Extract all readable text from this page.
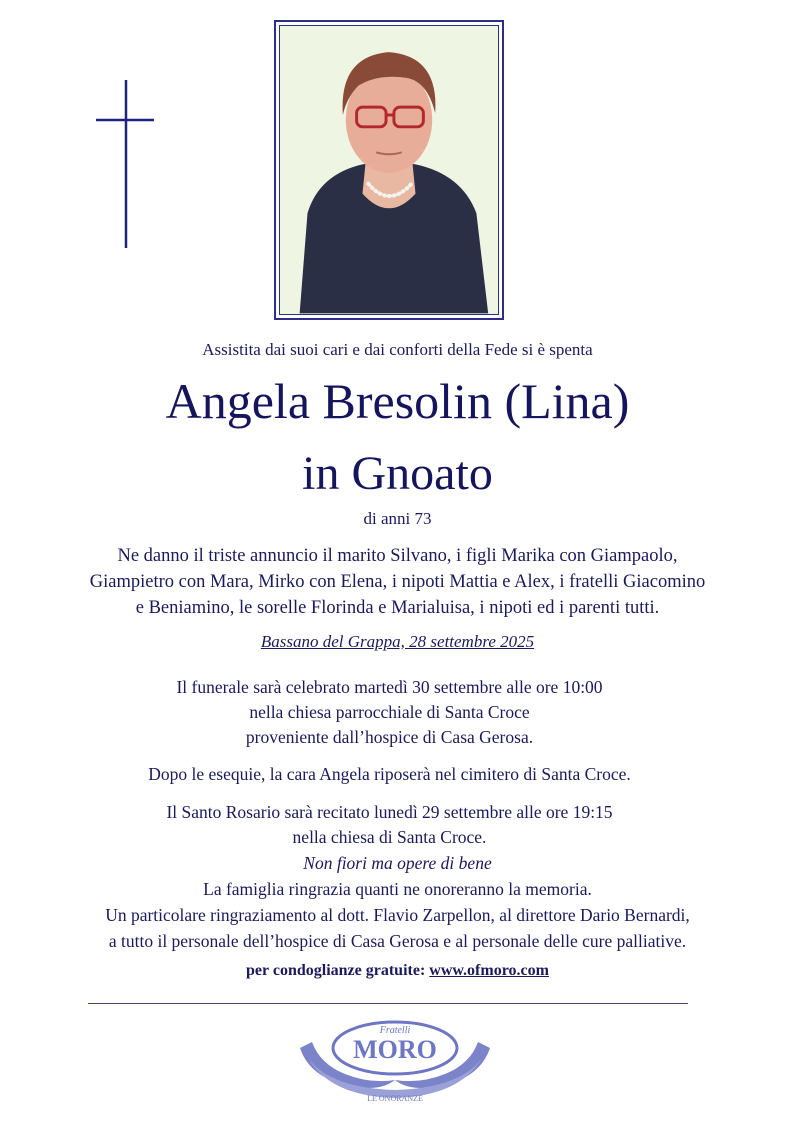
Assistita dai suoi cari e dai conforti della Fede si è spenta
Angela Bresolin (Lina)
in Gnoato
di anni 73
Ne danno il triste annuncio il marito Silvano, i figli Marika con Giampaolo,
Giampietro con Mara, Mirko con Elena, i nipoti Mattia e Alex, i fratelli Giacomino
e Beniamino, le sorelle Florinda e Marialuisa, i nipoti ed i parenti tutti.
Bassano del Grappa, 28 settembre 2025
Il funerale sarà celebrato martedì 30 settembre alle ore 10:00
nella chiesa parrocchiale di Santa Croce
proveniente dall’hospice di Casa Gerosa.
Dopo le esequie, la cara Angela riposerà nel cimitero di Santa Croce.
Il Santo Rosario sarà recitato lunedì 29 settembre alle ore 19:15
nella chiesa di Santa Croce.
Non fiori ma opere di bene
La famiglia ringrazia quanti ne onoreranno la memoria.
Un particolare ringraziamento al dott. Flavio Zarpellon, al direttore Dario Bernardi,
a tutto il personale dell’hospice di Casa Gerosa e al personale delle cure palliative.
per condoglianze gratuite: www.ofmoro.com
Fratelli
MORO
LE ONORANZE
